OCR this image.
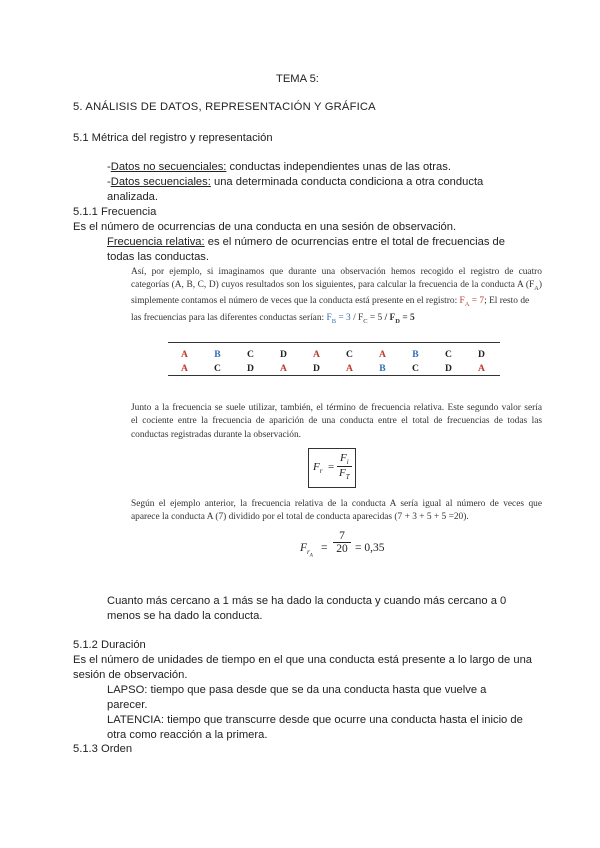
TEMA 5:
5. ANÁLISIS DE DATOS, REPRESENTACIÓN Y GRÁFICA
5.1 Métrica del registro y representación
-Datos no secuenciales: conductas independientes unas de las otras.
-Datos secuenciales: una determinada conducta condiciona a otra conducta
analizada.
5.1.1 Frecuencia
Es el número de ocurrencias de una conducta en una sesión de observación.
Frecuencia relativa: es el número de ocurrencias entre el total de frecuencias de
todas las conductas.
Así, por ejemplo, si imaginamos que durante una observación hemos recogido el registro de cuatro
categorías (A, B, C, D) cuyos resultados son los siguientes, para calcular la frecuencia de la conducta A $(F_A)$
simplemente contamos el número de veces que la conducta está presente en el registro: $F_A = 7$; El resto de
las frecuencias para las diferentes conductas serían: $F_B = 3 / F_C = 5 / F_D = 5$
A	B	C	D	A	C	A	B	C	D
A	C	D	A	D	A	B	C	D	A
Junto a la frecuencia se suele utilizar, también, el término de frecuencia relativa. Este segundo valor sería
el cociente entre la frecuencia de aparición de una conducta entre el total de frecuencias de todas las
conductas registradas durante la observación.
$F_r = \frac{F_i}{F_T}$
Según el ejemplo anterior, la frecuencia relativa de la conducta A sería igual al número de veces que
aparece la conducta A (7) dividido por el total de conducta aparecidas (7 + 3 + 5 + 5 =20).
$F_{r_A}$
= $\frac{7}{20} = 0,35$
Cuanto más cercano a 1 más se ha dado la conducta y cuando más cercano a 0
menos se ha dado la conducta.
5.1.2 Duración
Es el número de unidades de tiempo en el que una conducta está presente a lo largo de una
sesión de observación.
LAPSO: tiempo que pasa desde que se da una conducta hasta que vuelve a
parecer.
LATENCIA: tiempo que transcurre desde que ocurre una conducta hasta el inicio de
otra como reacción a la primera.
5.1.3 Orden
